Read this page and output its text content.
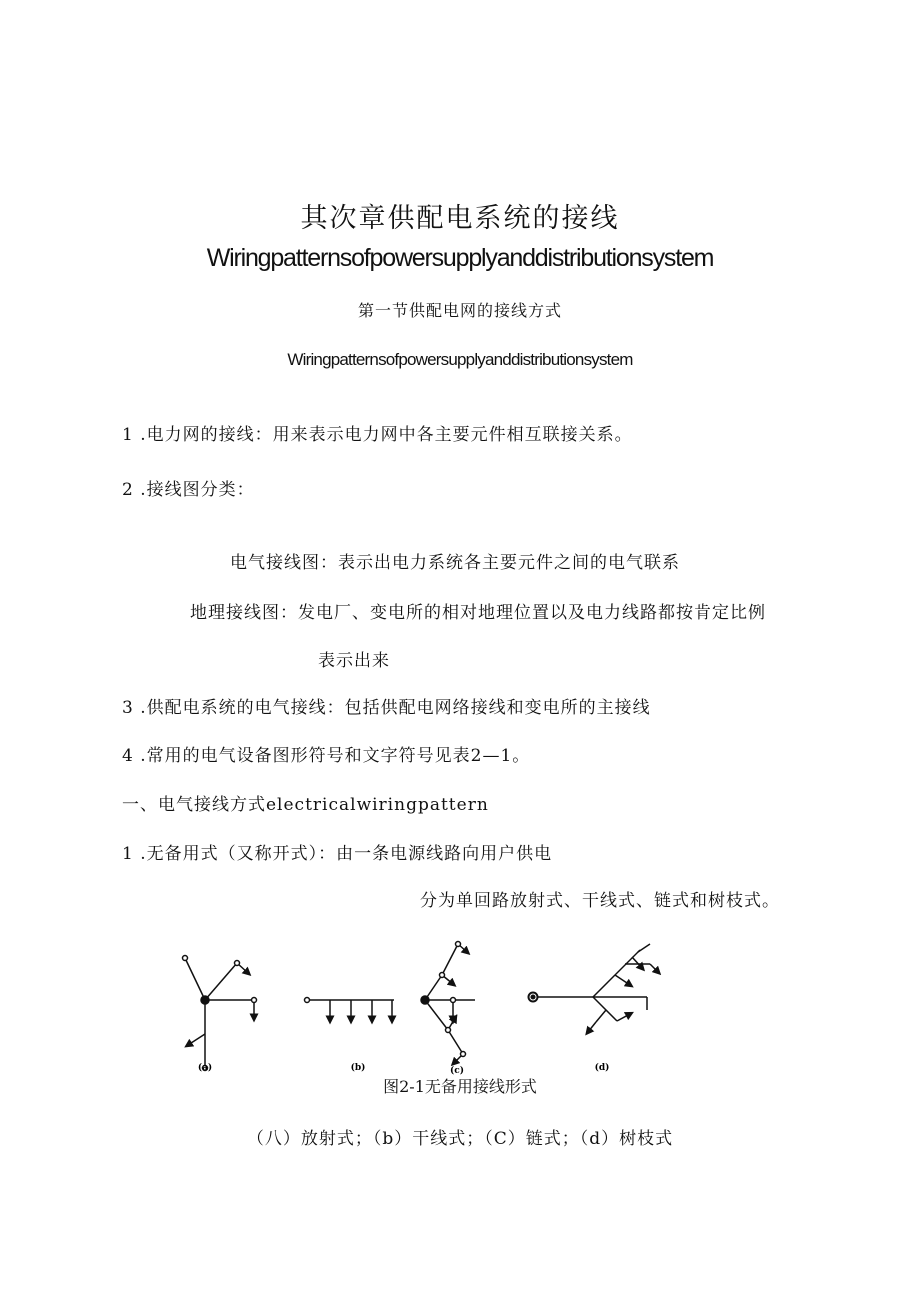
其次章供配电系统的接线
Wiringpatternsofpowersupplyanddistributionsystem
第一节供配电网的接线方式
Wiringpatternsofpowersupplyanddistributionsystem
1 .电力网的接线：用来表示电力网中各主要元件相互联接关系。
2 .接线图分类：
电气接线图：表示出电力系统各主要元件之间的电气联系
地理接线图：发电厂、变电所的相对地理位置以及电力线路都按肯定比例
表示出来
3 .供配电系统的电气接线：包括供配电网络接线和变电所的主接线
4 .常用的电气设备图形符号和文字符号见表2—1。
一、电气接线方式electricalwiringpattern
1 .无备用式（又称开式）：由一条电源线路向用户供电
分为单回路放射式、干线式、链式和树枝式。
(a)	(b)	(c)	(d)
图2-1无备用接线形式
（八）放射式；（b）干线式；（C）链式；（d）树枝式
